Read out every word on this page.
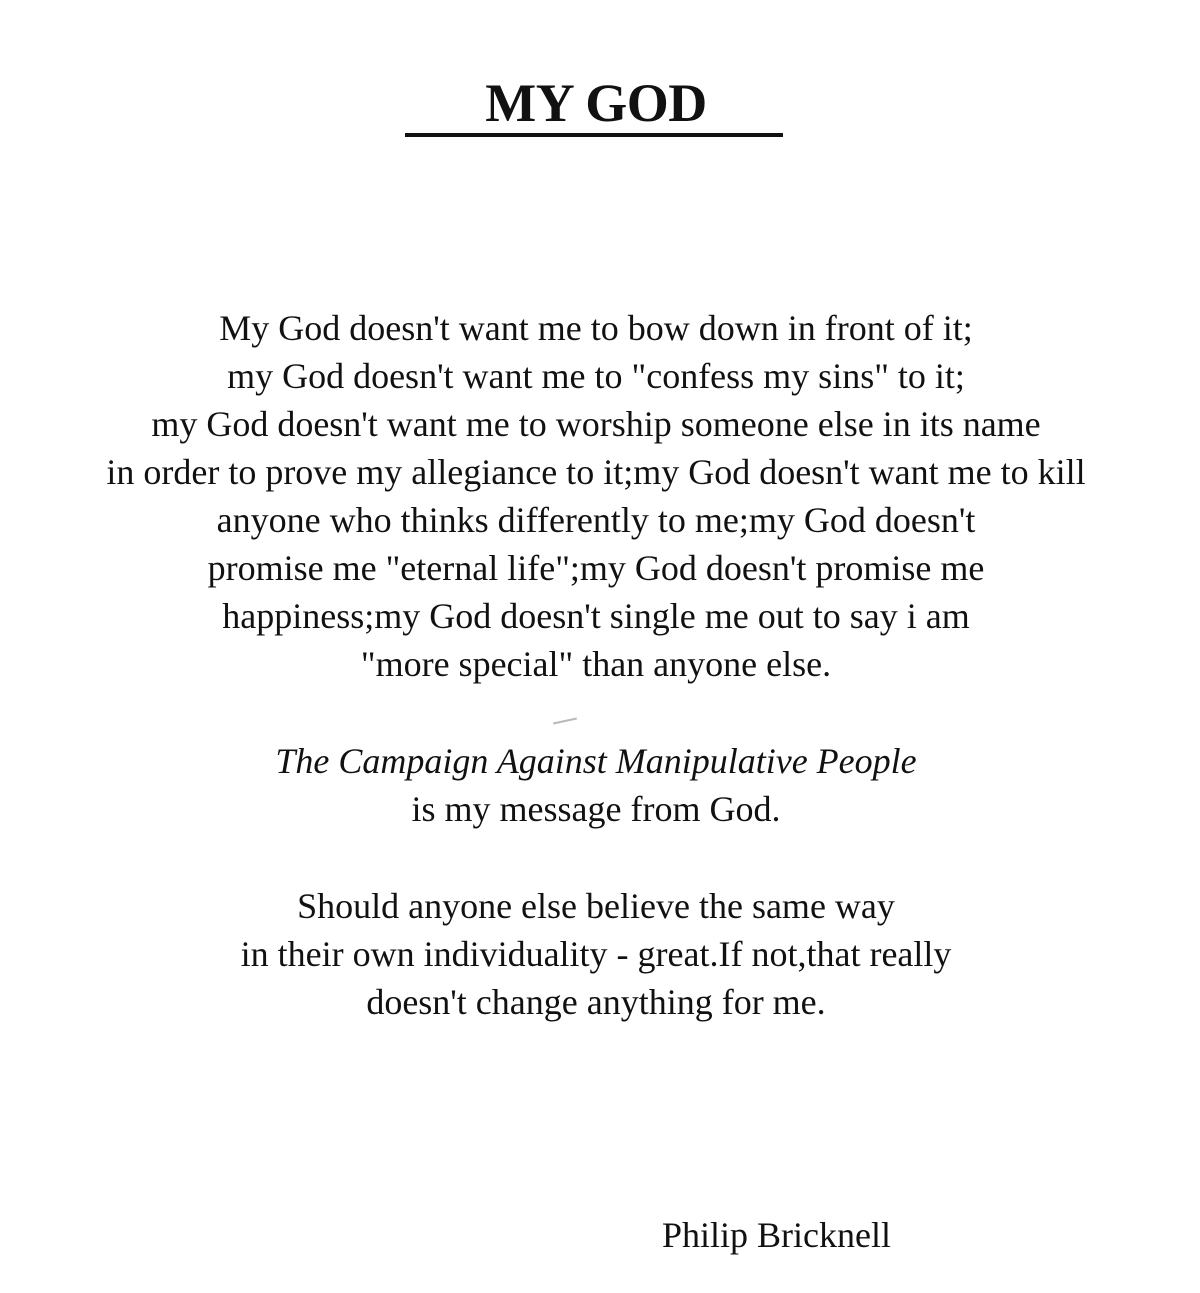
MY GOD

My God doesn't want me to bow down in front of it;
my God doesn't want me to "confess my sins" to it;
my God doesn't want me to worship someone else in its name
in order to prove my allegiance to it;my God doesn't want me to kill
anyone who thinks differently to me;my God doesn't
promise me "eternal life";my God doesn't promise me
happiness;my God doesn't single me out to say i am
"more special" than anyone else.

The Campaign Against Manipulative People
is my message from God.

Should anyone else believe the same way
in their own individuality - great.If not,that really
doesn't change anything for me.

Philip Bricknell
